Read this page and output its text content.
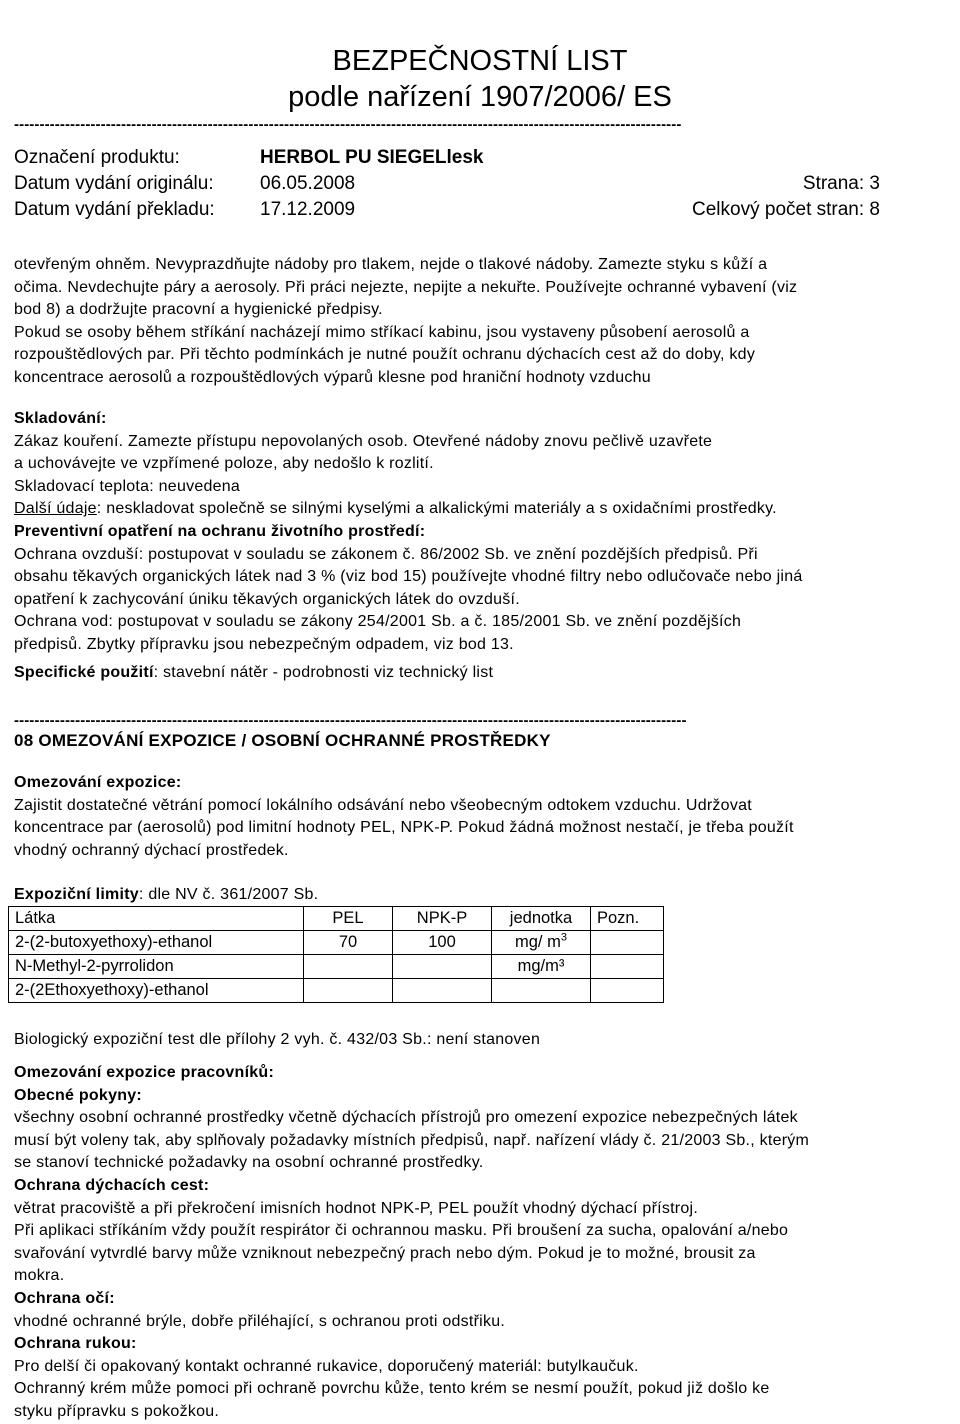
BEZPEČNOSTNÍ LIST
podle nařízení 1907/2006/ ES
-----------------------------------------------------------------------------------------------------------------------------------
Označení produktu:	HERBOL PU SIEGELlesk
Datum vydání originálu: 06.05.2008	Strana: 3
Datum vydání překladu: 17.12.2009	Celkový počet stran: 8

otevřeným ohněm. Nevyprazdňujte nádoby pro tlakem, nejde o tlakové nádoby. Zamezte styku s kůží a

očima. Nevdechujte páry a aerosoly. Při práci nejezte, nepijte a nekuřte. Používejte ochranné vybavení (viz

bod 8) a dodržujte pracovní a hygienické předpisy.

Pokud se osoby během stříkání nacházejí mimo stříkací kabinu, jsou vystaveny působení aerosolů a

rozpouštědlových par. Při těchto podmínkách je nutné použít ochranu dýchacích cest až do doby, kdy

koncentrace aerosolů a rozpouštědlových výparů klesne pod hraniční hodnoty vzduchu

Skladování:

Zákaz kouření. Zamezte přístupu nepovolaných osob. Otevřené nádoby znovu pečlivě uzavřete

a uchovávejte ve vzpřímené poloze, aby nedošlo k rozlití.

Skladovací teplota: neuvedena

Další údaje: neskladovat společně se silnými kyselými a alkalickými materiály a s oxidačními prostředky.

Preventivní opatření na ochranu životního prostředí:

Ochrana ovzduší: postupovat v souladu se zákonem č. 86/2002 Sb. ve znění pozdějších předpisů. Při

obsahu těkavých organických látek nad 3 % (viz bod 15) používejte vhodné filtry nebo odlučovače nebo jiná

opatření k zachycování úniku těkavých organických látek do ovzduší.

Ochrana vod: postupovat v souladu se zákony 254/2001 Sb. a č. 185/2001 Sb. ve znění pozdějších

předpisů. Zbytky přípravku jsou nebezpečným odpadem, viz bod 13.

Specifické použití: stavební nátěr - podrobnosti viz technický list

------------------------------------------------------------------------------------------------------------------------------------
08 OMEZOVÁNÍ EXPOZICE / OSOBNÍ OCHRANNÉ PROSTŘEDKY

Omezování expozice:

Zajistit dostatečné větrání pomocí lokálního odsávání nebo všeobecným odtokem vzduchu. Udržovat

koncentrace par (aerosolů) pod limitní hodnoty PEL, NPK-P. Pokud žádná možnost nestačí, je třeba použít

vhodný ochranný dýchací prostředek.

Expoziční limity: dle NV č. 361/2007 Sb.

Látka	PEL	NPK-P	jednotka	Pozn.
2-(2-butoxyethoxy)-ethanol	70	100	mg/ $m^3$	
N-Methyl-2-pyrrolidon			mg/m³	
2-(2Ethoxyethoxy)-ethanol				
Biologický expoziční test dle přílohy 2 vyh. č. 432/03 Sb.: není stanoven

Omezování expozice pracovníků:

Obecné pokyny:

všechny osobní ochranné prostředky včetně dýchacích přístrojů pro omezení expozice nebezpečných látek

musí být voleny tak, aby splňovaly požadavky místních předpisů, např. nařízení vlády č. 21/2003 Sb., kterým

se stanoví technické požadavky na osobní ochranné prostředky.

Ochrana dýchacích cest:

větrat pracoviště a při překročení imisních hodnot NPK-P, PEL použít vhodný dýchací přístroj.

Při aplikaci stříkáním vždy použít respirátor či ochrannou masku. Při broušení za sucha, opalování a/nebo

svařování vytvrdlé barvy může vzniknout nebezpečný prach nebo dým. Pokud je to možné, brousit za

mokra.

Ochrana očí:

vhodné ochranné brýle, dobře přiléhající, s ochranou proti odstřiku.

Ochrana rukou:

Pro delší či opakovaný kontakt ochranné rukavice, doporučený materiál: butylkaučuk.

Ochranný krém může pomoci při ochraně povrchu kůže, tento krém se nesmí použít, pokud již došlo ke

styku přípravku s pokožkou.
